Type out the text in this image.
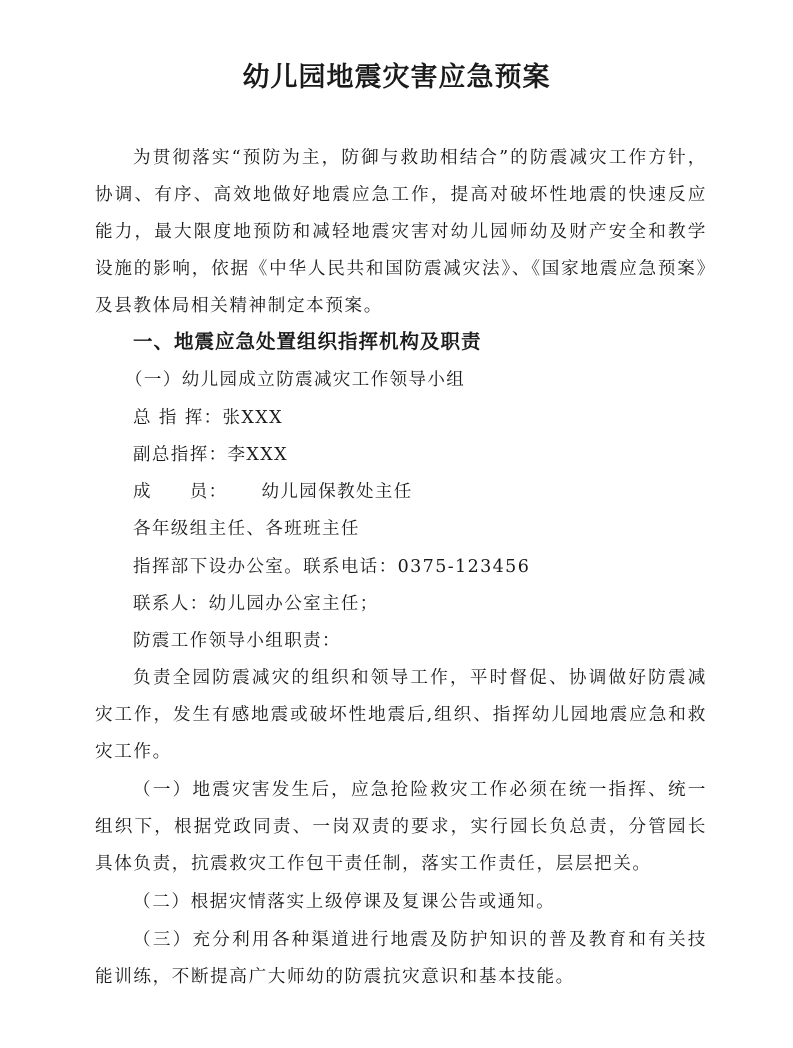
幼儿园地震灾害应急预案

为贯彻落实“预防为主，防御与救助相结合”的防震减灾工作方针，协调、有序、高效地做好地震应急工作，提高对破坏性地震的快速反应能力，最大限度地预防和减轻地震灾害对幼儿园师幼及财产安全和教学设施的影响，依据《中华人民共和国防震减灾法》、《国家地震应急预案》及县教体局相关精神制定本预案。

一、地震应急处置组织指挥机构及职责

（一）幼儿园成立防震减灾工作领导小组

总 指 挥：张XXX

副总指挥：李XXX

成　　员： 幼儿园保教处主任

各年级组主任、各班班主任

指挥部下设办公室。联系电话：0375-123456

联系人：幼儿园办公室主任；

防震工作领导小组职责：

负责全园防震减灾的组织和领导工作，平时督促、协调做好防震减灾工作，发生有感地震或破坏性地震后,组织、指挥幼儿园地震应急和救灾工作。

（一）地震灾害发生后，应急抢险救灾工作必须在统一指挥、统一组织下，根据党政同责、一岗双责的要求，实行园长负总责，分管园长具体负责，抗震救灾工作包干责任制，落实工作责任，层层把关。

（二）根据灾情落实上级停课及复课公告或通知。

（三）充分利用各种渠道进行地震及防护知识的普及教育和有关技能训练，不断提高广大师幼的防震抗灾意识和基本技能。
